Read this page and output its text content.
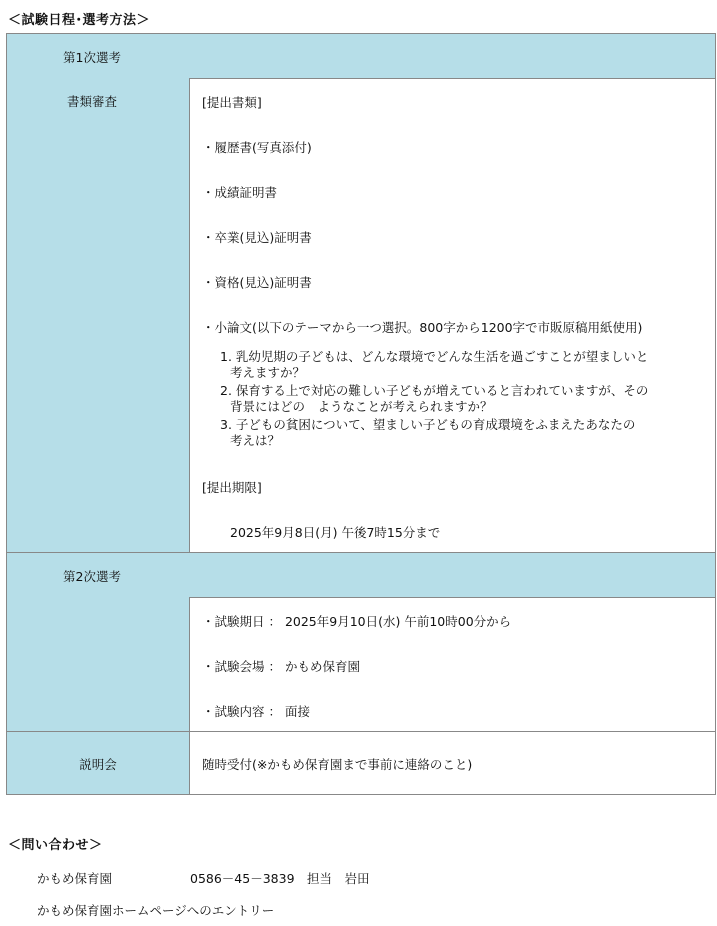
＜試験日程･選考方法＞
第1次選考
書類審査	[提出書類]
・履歴書(写真添付)
・成績証明書
・卒業(見込)証明書
・資格(見込)証明書
・小論文(以下のテーマから一つ選択。800字から1200字で市販原稿用紙使用)
1. 乳幼児期の子どもは、どんな環境でどんな生活を過ごすことが望ましいと
考えますか？
2. 保育する上で対応の難しい子どもが増えていると言われていますが、その
背景にはどの　ようなことが考えられますか？
3. 子どもの貧困について、望ましい子どもの育成環境をふまえたあなたの
考えは？
[提出期限]
2025年9月8日(月) 午後7時15分まで
第2次選考
・試験期日 ： 2025年9月10日(水) 午前10時00分から
・試験会場 ： かもめ保育園
・試験内容 ： 面接
説明会	随時受付(※かもめ保育園まで事前に連絡のこと)
＜問い合わせ＞
かもめ保育園	0586－45－3839　担当　岩田
かもめ保育園ホームページへのエントリー
